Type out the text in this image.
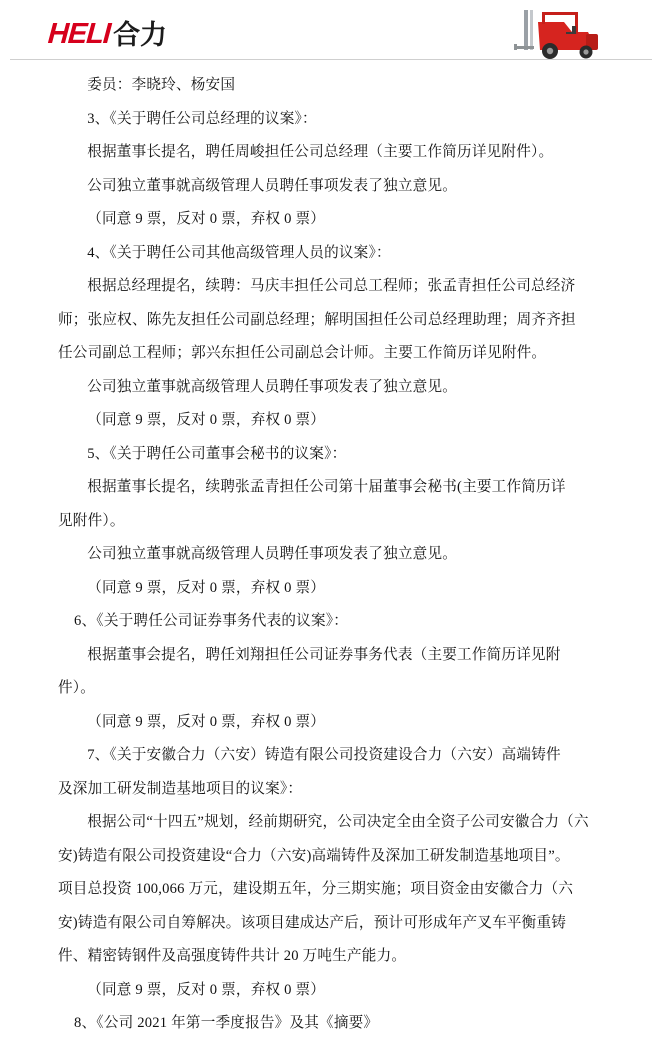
HELI 合力

委员：李晓玲、杨安国

3、《关于聘任公司总经理的议案》：

根据董事长提名，聘任周峻担任公司总经理（主要工作简历详见附件）。

公司独立董事就高级管理人员聘任事项发表了独立意见。

（同意 9 票，反对 0 票，弃权 0 票）

4、《关于聘任公司其他高级管理人员的议案》：

根据总经理提名，续聘：马庆丰担任公司总工程师；张孟青担任公司总经济

师；张应权、陈先友担任公司副总经理；解明国担任公司总经理助理；周齐齐担

任公司副总工程师；郭兴东担任公司副总会计师。主要工作简历详见附件。

公司独立董事就高级管理人员聘任事项发表了独立意见。

（同意 9 票，反对 0 票，弃权 0 票）

5、《关于聘任公司董事会秘书的议案》：

根据董事长提名，续聘张孟青担任公司第十届董事会秘书(主要工作简历详

见附件）。

公司独立董事就高级管理人员聘任事项发表了独立意见。

（同意 9 票，反对 0 票，弃权 0 票）

6、《关于聘任公司证券事务代表的议案》：

根据董事会提名，聘任刘翔担任公司证券事务代表（主要工作简历详见附

件）。

（同意 9 票，反对 0 票，弃权 0 票）

7、《关于安徽合力（六安）铸造有限公司投资建设合力（六安）高端铸件

及深加工研发制造基地项目的议案》：

根据公司“十四五”规划，经前期研究，公司决定全由全资子公司安徽合力（六

安)铸造有限公司投资建设“合力（六安)高端铸件及深加工研发制造基地项目”。

项目总投资 100,066 万元，建设期五年，分三期实施；项目资金由安徽合力（六

安)铸造有限公司自筹解决。该项目建成达产后，预计可形成年产叉车平衡重铸

件、精密铸钢件及高强度铸件共计 20 万吨生产能力。

（同意 9 票，反对 0 票，弃权 0 票）

8、《公司 2021 年第一季度报告》及其《摘要》
